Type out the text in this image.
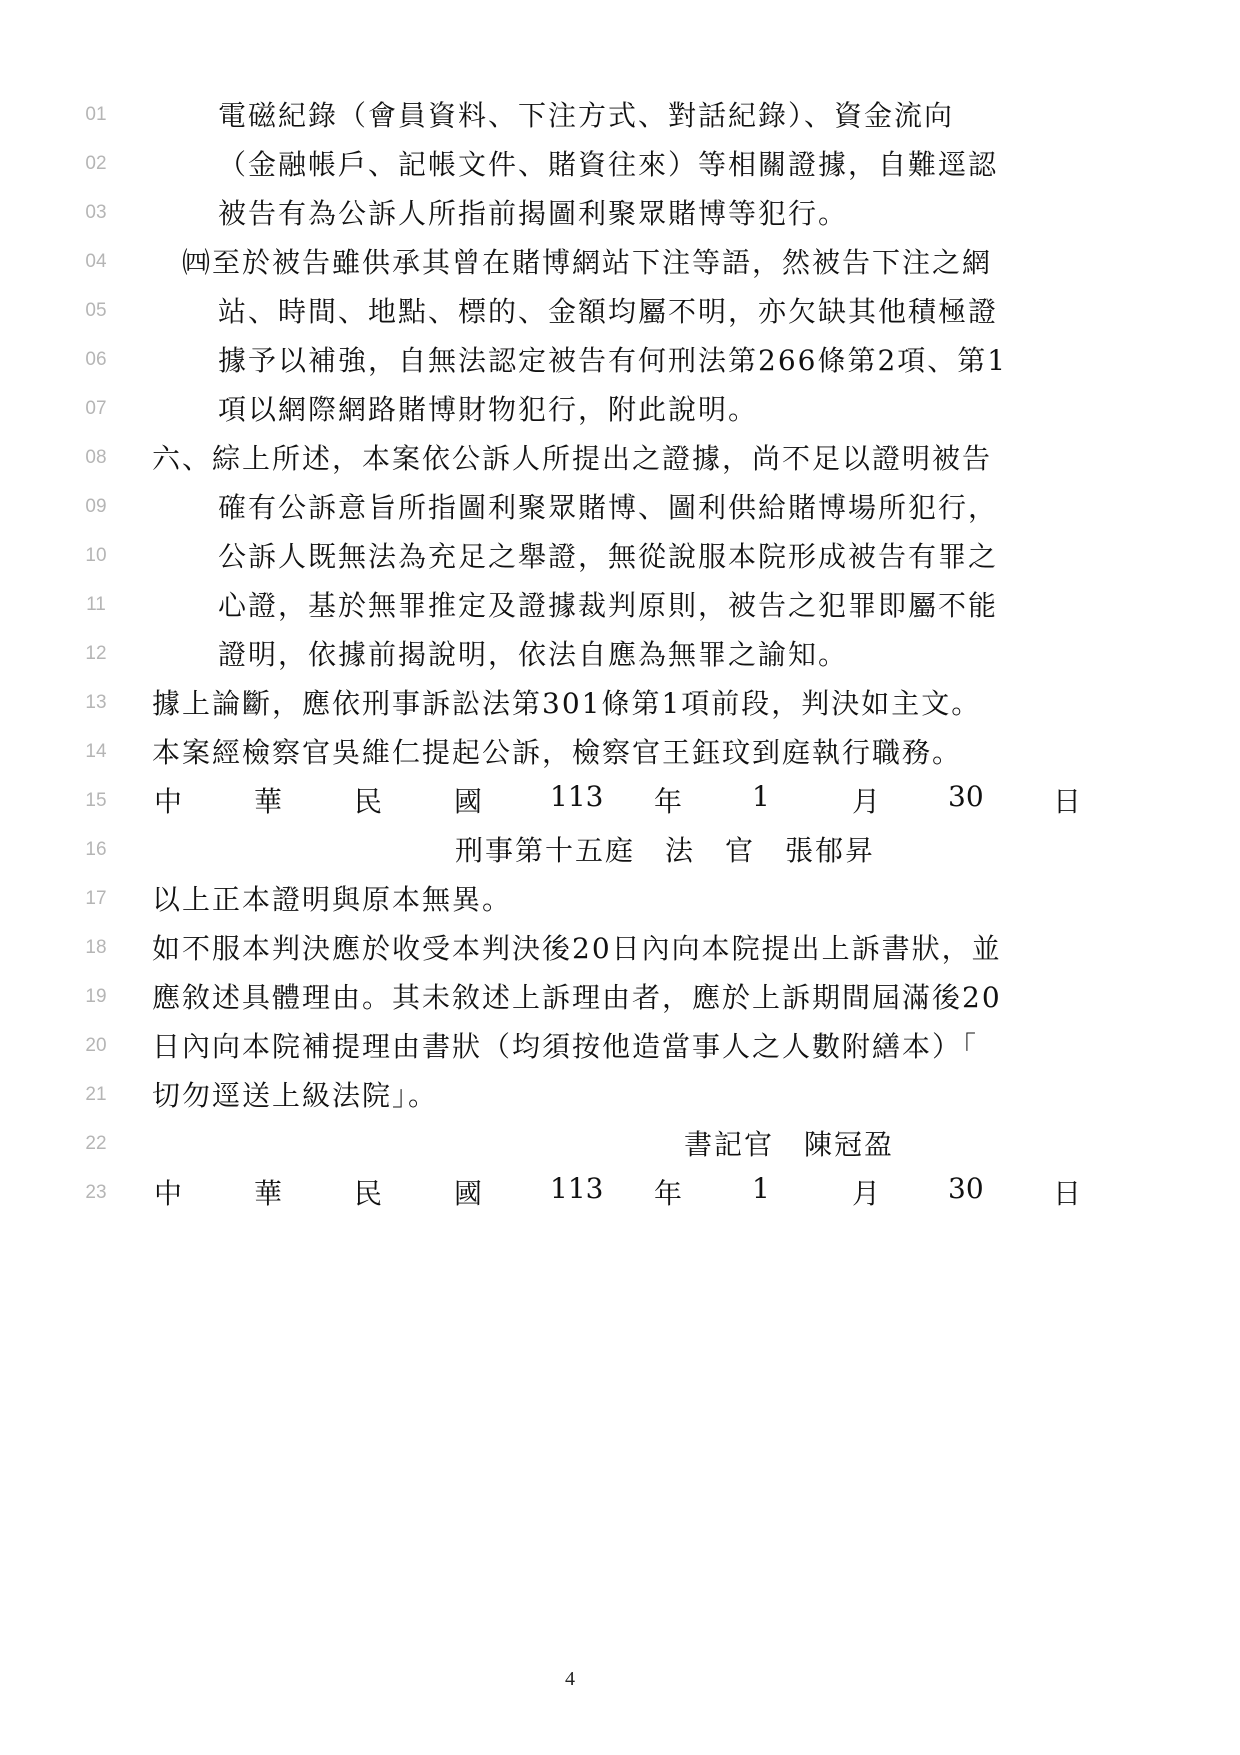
01	電磁紀錄（會員資料、下注方式、對話紀錄）、資金流向
02	（金融帳戶、記帳文件、賭資往來）等相關證據，自難逕認
03	被告有為公訴人所指前揭圖利聚眾賭博等犯行。
04	㈣至於被告雖供承其曾在賭博網站下注等語，然被告下注之網
05	站、時間、地點、標的、金額均屬不明，亦欠缺其他積極證
06	據予以補強，自無法認定被告有何刑法第266條第2項、第1
07	項以網際網路賭博財物犯行，附此說明。
08	六、綜上所述，本案依公訴人所提出之證據，尚不足以證明被告
09	確有公訴意旨所指圖利聚眾賭博、圖利供給賭博場所犯行，
10	公訴人既無法為充足之舉證，無從說服本院形成被告有罪之
11	心證，基於無罪推定及證據裁判原則，被告之犯罪即屬不能
12	證明，依據前揭說明，依法自應為無罪之諭知。
13	據上論斷，應依刑事訴訟法第301條第1項前段，判決如主文。
14	本案經檢察官吳維仁提起公訴，檢察官王鈺玟到庭執行職務。
15	中	華	民	國 113 年 1	月 30 日
16	刑事第十五庭　法　官　張郁昇
17	以上正本證明與原本無異。
18	如不服本判決應於收受本判決後20日內向本院提出上訴書狀，並
19	應敘述具體理由。其未敘述上訴理由者，應於上訴期間屆滿後20
20	日內向本院補提理由書狀（均須按他造當事人之人數附繕本）「
21	切勿逕送上級法院」。
22	書記官　陳冠盈
23	中	華	民	國 113 年 1	月 30 日
4
